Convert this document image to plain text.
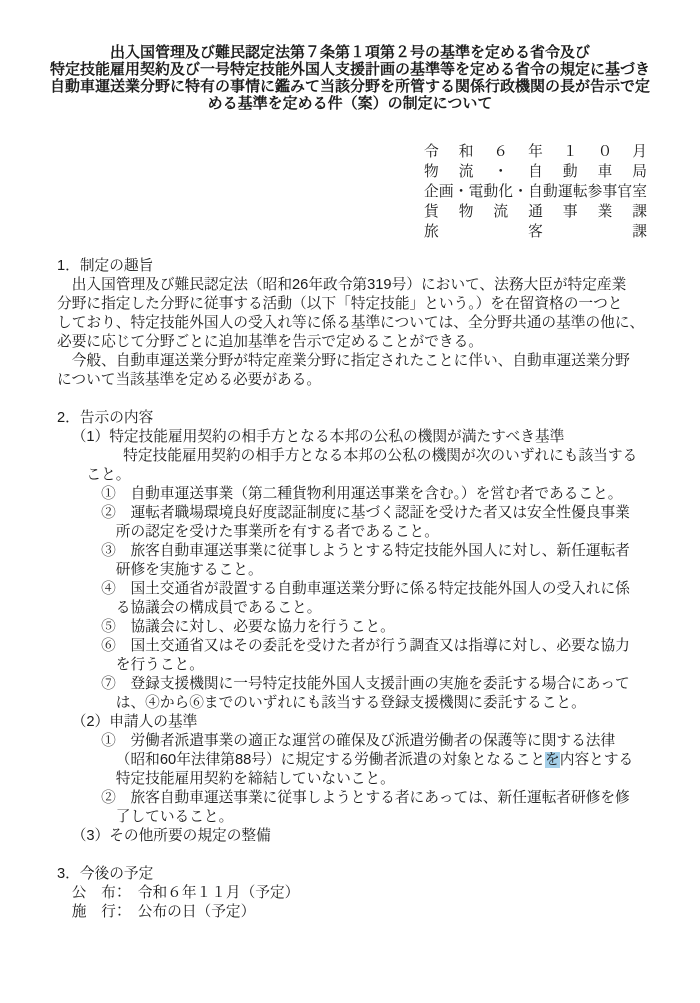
出入国管理及び難民認定法第７条第１項第２号の基準を定める省令及び
特定技能雇用契約及び一号特定技能外国人支援計画の基準等を定める省令の規定に基づき
自動車運送業分野に特有の事情に鑑みて当該分野を所管する関係行政機関の長が告示で定
める基準を定める件（案）の制定について
令和６年１０月
物流・自動車局
企画・電動化・自動運転参事官室
貨物流通事業課
旅客課
1．制定の趣旨
出入国管理及び難民認定法（昭和26年政令第319号）において、法務大臣が特定産業
分野に指定した分野に従事する活動（以下「特定技能」という。）を在留資格の一つと
しており、特定技能外国人の受入れ等に係る基準については、全分野共通の基準の他に、
必要に応じて分野ごとに追加基準を告示で定めることができる。
今般、自動車運送業分野が特定産業分野に指定されたことに伴い、自動車運送業分野
について当該基準を定める必要がある。
2．告示の内容
（1）特定技能雇用契約の相手方となる本邦の公私の機関が満たすべき基準
特定技能雇用契約の相手方となる本邦の公私の機関が次のいずれにも該当する
こと。
①　自動車運送事業（第二種貨物利用運送事業を含む。）を営む者であること。
②　運転者職場環境良好度認証制度に基づく認証を受けた者又は安全性優良事業
所の認定を受けた事業所を有する者であること。
③　旅客自動車運送事業に従事しようとする特定技能外国人に対し、新任運転者
研修を実施すること。
④　国土交通省が設置する自動車運送業分野に係る特定技能外国人の受入れに係
る協議会の構成員であること。
⑤　協議会に対し、必要な協力を行うこと。
⑥　国土交通省又はその委託を受けた者が行う調査又は指導に対し、必要な協力
を行うこと。
⑦　登録支援機関に一号特定技能外国人支援計画の実施を委託する場合にあって
は、④から⑥までのいずれにも該当する登録支援機関に委託すること。
（2）申請人の基準
①　労働者派遣事業の適正な運営の確保及び派遣労働者の保護等に関する法律
（昭和60年法律第88号）に規定する労働者派遣の対象となることを内容とする
特定技能雇用契約を締結していないこと。
②　旅客自動車運送事業に従事しようとする者にあっては、新任運転者研修を修
了していること。
（3）その他所要の規定の整備
3．今後の予定
公　布：　令和６年１１月（予定）
施　行：　公布の日（予定）
